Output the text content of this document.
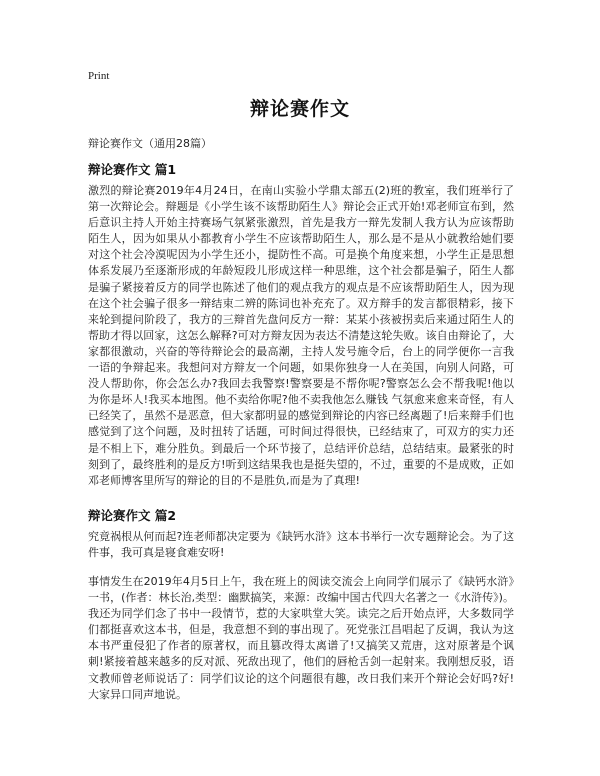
Print
辩论赛作文
辩论赛作文（通用28篇）
辩论赛作文 篇1

激烈的辩论赛2019年4月24日，在南山实验小学鼎太部五(2)班的教室，我们班举行了第一次辩论会。辩题是《小学生该不该帮助陌生人》辩论会正式开始!邓老师宣布到，然后意识主持人开始主持赛场气氛紧张激烈，首先是我方一辩先发制人我方认为应该帮助陌生人，因为如果从小都教育小学生不应该帮助陌生人，那么是不是从小就教给她们要对这个社会冷漠呢因为小学生还小，提防性不高。可是换个角度来想，小学生正是思想体系发展乃至逐渐形成的年龄短段儿形成这样一种思维，这个社会都是骗子，陌生人都是骗子紧接着反方的同学也陈述了他们的观点我方的观点是不应该帮助陌生人，因为现在这个社会骗子很多一辩结束二辨的陈词也补充充了。双方辩手的发言都很精彩，接下来轮到提问阶段了，我方的三辩首先盘问反方一辩：某某小孩被拐卖后来通过陌生人的帮助才得以回家，这怎么解释?可对方辩友因为表达不清楚这轮失败。该自由辩论了，大家都很激动，兴奋的等待辩论会的最高潮，主持人发号施令后，台上的同学便你一言我一语的争辩起来。我想问对方辩友一个问题，如果你独身一人在美国，向别人问路，可没人帮助你，你会怎么办?我回去我警察!警察要是不帮你呢?警察怎么会不帮我呢!他以为你是坏人!我买本地图。他不卖给你呢?他不卖我他怎么赚钱 气氛愈来愈来奇怪，有人已经笑了，虽然不是恶意，但大家都明显的感觉到辩论的内容已经离题了!后来辩手们也感觉到了这个问题，及时扭转了话题，可时间过得很快，已经结束了，可双方的实力还是不相上下，难分胜负。到最后一个环节接了，总结评价总结，总结结束。最紧张的时刻到了，最终胜利的是反方!听到这结果我也是挺失望的，不过，重要的不是成败，正如邓老师博客里所写的辩论的目的不是胜负,而是为了真理!

辩论赛作文 篇2

究竟祸根从何而起?连老师都决定要为《缺钙水浒》这本书举行一次专题辩论会。为了这件事，我可真是寝食难安呀!

事情发生在2019年4月5日上午，我在班上的阅读交流会上向同学们展示了《缺钙水浒》一书，(作者：林长治,类型：幽默搞笑，来源：改编中国古代四大名著之一《水浒传》)。我还为同学们念了书中一段情节，惹的大家哄堂大笑。读完之后开始点评，大多数同学们都挺喜欢这本书，但是，我意想不到的事出现了。死党张江昌唱起了反调，我认为这本书严重侵犯了作者的原著权，而且篡改得太离谱了!又搞笑又荒唐，这对原著是个讽刺!紧接着越来越多的反对派、死敌出现了，他们的唇枪舌剑一起射来。我刚想反驳，语文教师曾老师说话了：同学们议论的这个问题很有趣，改日我们来开个辩论会好吗?好!大家异口同声地说。
